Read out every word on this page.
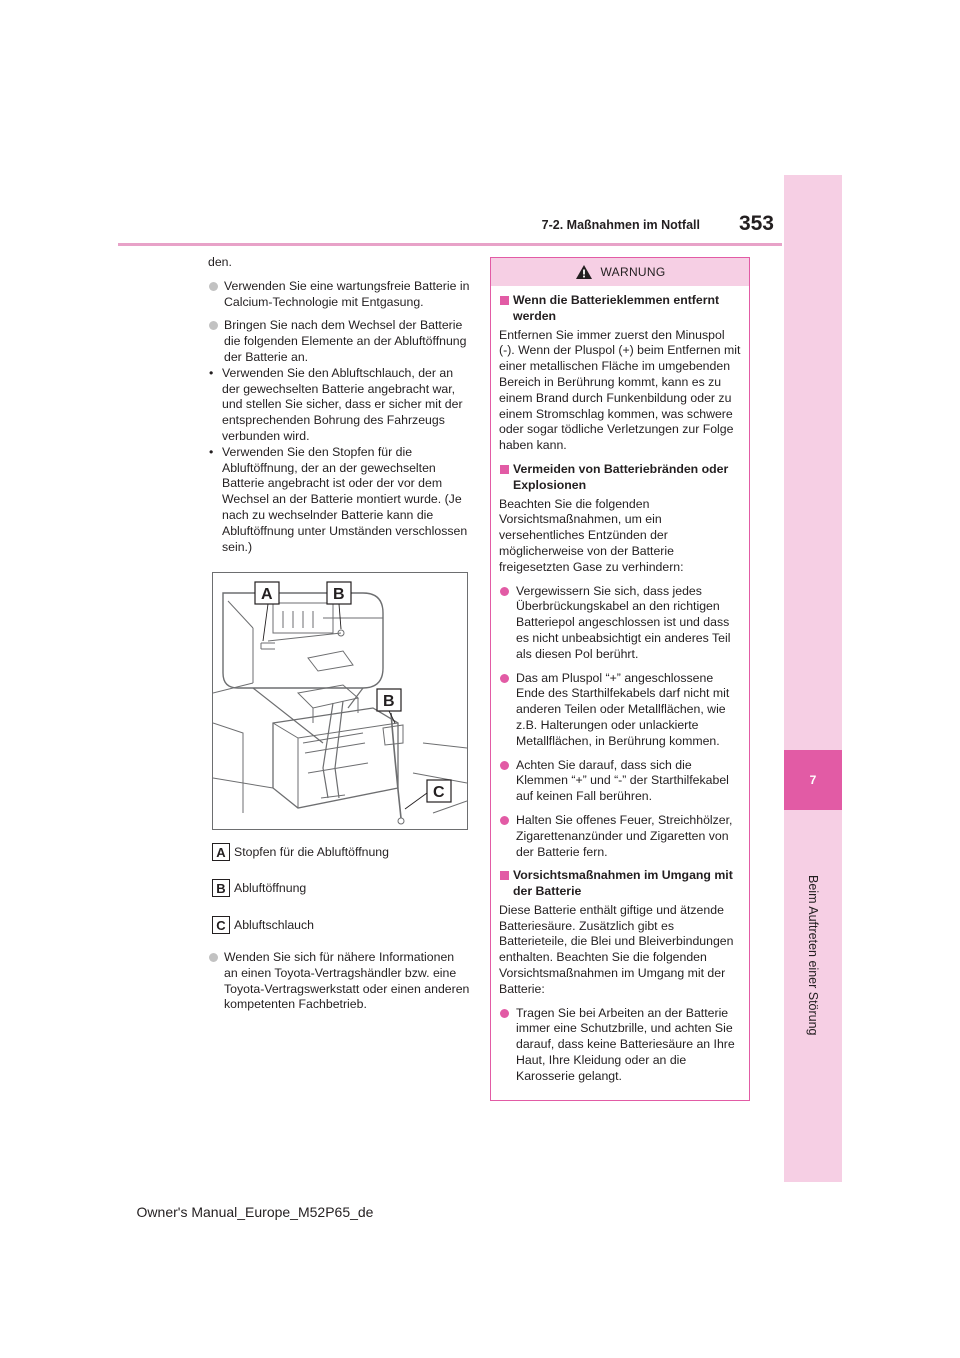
7-2. Maßnahmen im Notfall	353
7
Beim Auftreten einer Störung

den.

Verwenden Sie eine wartungsfreie Batterie in Calcium-Technologie mit Entgasung.
Bringen Sie nach dem Wechsel der Batterie die folgenden Elemente an der Abluftöffnung der Batterie an.
• Verwenden Sie den Abluftschlauch, der an der gewechselten Batterie angebracht war, und stellen Sie sicher, dass er sicher mit der entsprechenden Bohrung des Fahrzeugs verbunden wird.
• Verwenden Sie den Stopfen für die Abluftöffnung, der an der gewechselten Batterie angebracht ist oder der vor dem Wechsel an der Batterie montiert wurde. (Je nach zu wechselnder Batterie kann die Abluftöffnung unter Umständen verschlossen sein.)
A	B
B
C
A Stopfen für die Abluftöffnung
B Abluftöffnung
C Abluftschlauch
Wenden Sie sich für nähere Informationen an einen Toyota-Vertragshändler bzw. eine Toyota-Vertragswerkstatt oder einen anderen kompetenten Fachbetrieb.
WARNUNG
Wenn die Batterieklemmen entfernt werden

Entfernen Sie immer zuerst den Minuspol (-). Wenn der Pluspol (+) beim Entfernen mit einer metallischen Fläche im umgebenden Bereich in Berührung kommt, kann es zu einem Brand durch Funkenbildung oder zu einem Stromschlag kommen, was schwere oder sogar tödliche Verletzungen zur Folge haben kann.

Vermeiden von Batteriebränden oder Explosionen

Beachten Sie die folgenden Vorsichtsmaßnahmen, um ein versehentliches Entzünden der möglicherweise von der Batterie freigesetzten Gase zu verhindern:

Vergewissern Sie sich, dass jedes Überbrückungskabel an den richtigen Batteriepol angeschlossen ist und dass es nicht unbeabsichtigt ein anderes Teil als diesen Pol berührt.
Das am Pluspol “+” angeschlossene Ende des Starthilfekabels darf nicht mit anderen Teilen oder Metallflächen, wie z.B. Halterungen oder unlackierte Metallflächen, in Berührung kommen.
Achten Sie darauf, dass sich die Klemmen “+” und “-” der Starthilfekabel auf keinen Fall berühren.
Halten Sie offenes Feuer, Streichhölzer, Zigarettenanzünder und Zigaretten von der Batterie fern.
Vorsichtsmaßnahmen im Umgang mit der Batterie

Diese Batterie enthält giftige und ätzende Batteriesäure. Zusätzlich gibt es Batterieteile, die Blei und Bleiverbindungen enthalten. Beachten Sie die folgenden Vorsichtsmaßnahmen im Umgang mit der Batterie:

Tragen Sie bei Arbeiten an der Batterie immer eine Schutzbrille, und achten Sie darauf, dass keine Batteriesäure an Ihre Haut, Ihre Kleidung oder an die Karosserie gelangt.
Owner's Manual_Europe_M52P65_de
